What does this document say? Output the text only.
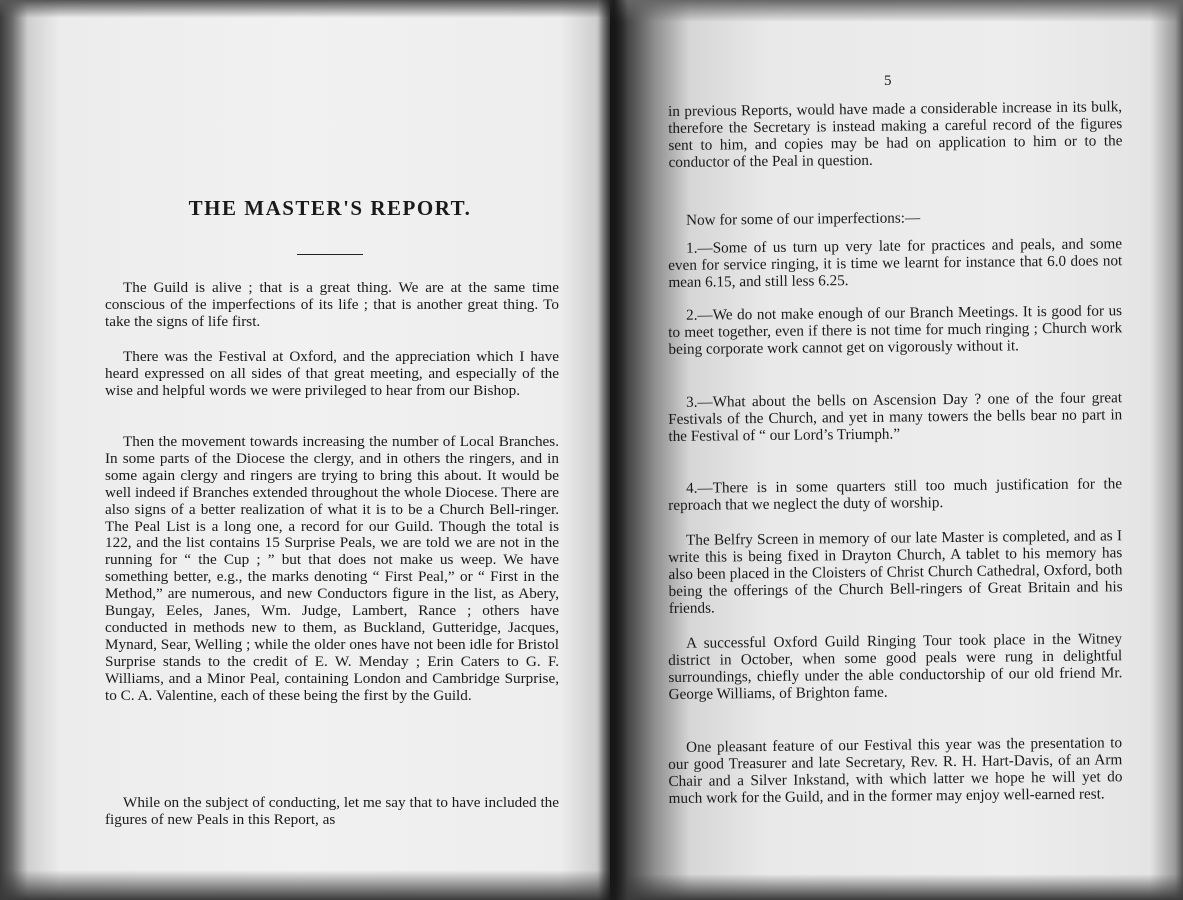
THE MASTER'S REPORT.

The Guild is alive ; that is a great thing. We are at the same time conscious of the imperfections of its life ; that is another great thing. To take the signs of life first.

There was the Festival at Oxford, and the appreciation which I have heard expressed on all sides of that great meeting, and especially of the wise and helpful words we were privileged to hear from our Bishop.

Then the movement towards increasing the number of Local Branches. In some parts of the Diocese the clergy, and in others the ringers, and in some again clergy and ringers are trying to bring this about. It would be well indeed if Branches extended throughout the whole Diocese. There are also signs of a better realization of what it is to be a Church Bell-ringer. The Peal List is a long one, a record for our Guild. Though the total is 122, and the list contains 15 Surprise Peals, we are told we are not in the running for “ the Cup ; ” but that does not make us weep. We have something better, e.g., the marks denoting “ First Peal,” or “ First in the Method,” are numerous, and new Conductors figure in the list, as Abery, Bungay, Eeles, Janes, Wm. Judge, Lambert, Rance ; others have conducted in methods new to them, as Buckland, Gutteridge, Jacques, Mynard, Sear, Welling ; while the older ones have not been idle for Bristol Surprise stands to the credit of E. W. Menday ; Erin Caters to G. F. Williams, and a Minor Peal, containing London and Cambridge Surprise, to C. A. Valentine, each of these being the first by the Guild.

While on the subject of conducting, let me say that to have included the figures of new Peals in this Report, as

5

in previous Reports, would have made a considerable increase in its bulk, therefore the Secretary is instead making a careful record of the figures sent to him, and copies may be had on application to him or to the conductor of the Peal in question.

Now for some of our imperfections:—

1.—Some of us turn up very late for practices and peals, and some even for service ringing, it is time we learnt for instance that 6.0 does not mean 6.15, and still less 6.25.

2.—We do not make enough of our Branch Meetings. It is good for us to meet together, even if there is not time for much ringing ; Church work being corporate work cannot get on vigorously without it.

3.—What about the bells on Ascension Day ? one of the four great Festivals of the Church, and yet in many towers the bells bear no part in the Festival of “ our Lord’s Triumph.”

4.—There is in some quarters still too much justification for the reproach that we neglect the duty of worship.

The Belfry Screen in memory of our late Master is completed, and as I write this is being fixed in Drayton Church, A tablet to his memory has also been placed in the Cloisters of Christ Church Cathedral, Oxford, both being the offerings of the Church Bell-ringers of Great Britain and his friends.

A successful Oxford Guild Ringing Tour took place in the Witney district in October, when some good peals were rung in delightful surroundings, chiefly under the able conductorship of our old friend Mr. George Williams, of Brighton fame.

One pleasant feature of our Festival this year was the presentation to our good Treasurer and late Secretary, Rev. R. H. Hart-Davis, of an Arm Chair and a Silver Inkstand, with which latter we hope he will yet do much work for the Guild, and in the former may enjoy well-earned rest.
